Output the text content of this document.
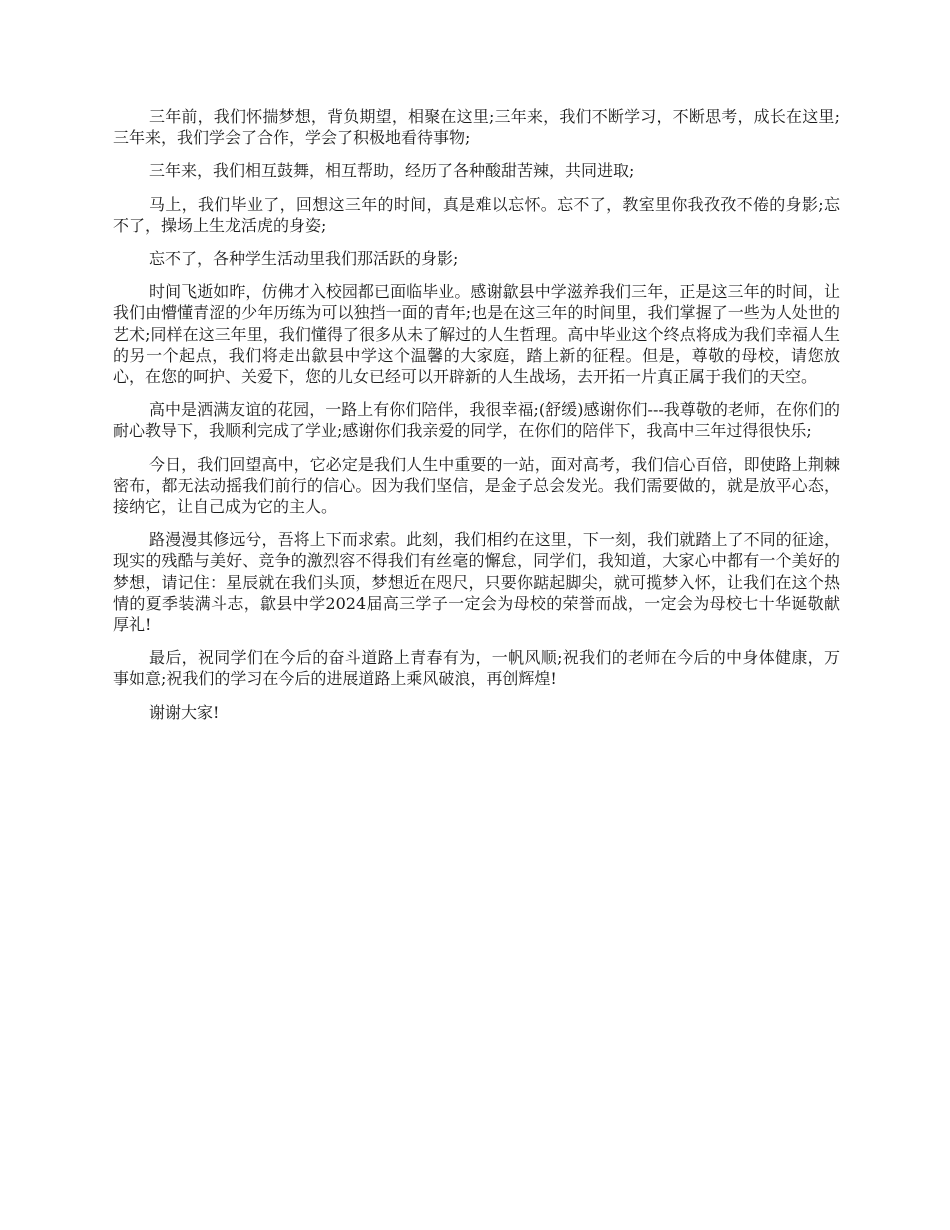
三年前，我们怀揣梦想，背负期望，相聚在这里;三年来，我们不断学习，不断思考，成长在这里;三年来，我们学会了合作，学会了积极地看待事物;

三年来，我们相互鼓舞，相互帮助，经历了各种酸甜苦辣，共同进取;

马上，我们毕业了，回想这三年的时间，真是难以忘怀。忘不了，教室里你我孜孜不倦的身影;忘不了，操场上生龙活虎的身姿;

忘不了，各种学生活动里我们那活跃的身影;

时间飞逝如昨，仿佛才入校园都已面临毕业。感谢歙县中学滋养我们三年，正是这三年的时间，让我们由懵懂青涩的少年历练为可以独挡一面的青年;也是在这三年的时间里，我们掌握了一些为人处世的艺术;同样在这三年里，我们懂得了很多从未了解过的人生哲理。高中毕业这个终点将成为我们幸福人生的另一个起点，我们将走出歙县中学这个温馨的大家庭，踏上新的征程。但是，尊敬的母校，请您放心，在您的呵护、关爱下，您的儿女已经可以开辟新的人生战场，去开拓一片真正属于我们的天空。

高中是洒满友谊的花园，一路上有你们陪伴，我很幸福;(舒缓)感谢你们---我尊敬的老师，在你们的耐心教导下，我顺利完成了学业;感谢你们我亲爱的同学，在你们的陪伴下，我高中三年过得很快乐;

今日，我们回望高中，它必定是我们人生中重要的一站，面对高考，我们信心百倍，即使路上荆棘密布，都无法动摇我们前行的信心。因为我们坚信，是金子总会发光。我们需要做的，就是放平心态，接纳它，让自己成为它的主人。

路漫漫其修远兮，吾将上下而求索。此刻，我们相约在这里，下一刻，我们就踏上了不同的征途，现实的残酷与美好、竞争的激烈容不得我们有丝毫的懈怠，同学们，我知道，大家心中都有一个美好的梦想，请记住：星辰就在我们头顶，梦想近在咫尺，只要你踮起脚尖，就可揽梦入怀，让我们在这个热情的夏季装满斗志，歙县中学2024届高三学子一定会为母校的荣誉而战，一定会为母校七十华诞敬献厚礼!

最后，祝同学们在今后的奋斗道路上青春有为，一帆风顺;祝我们的老师在今后的中身体健康，万事如意;祝我们的学习在今后的进展道路上乘风破浪，再创辉煌!

谢谢大家!
